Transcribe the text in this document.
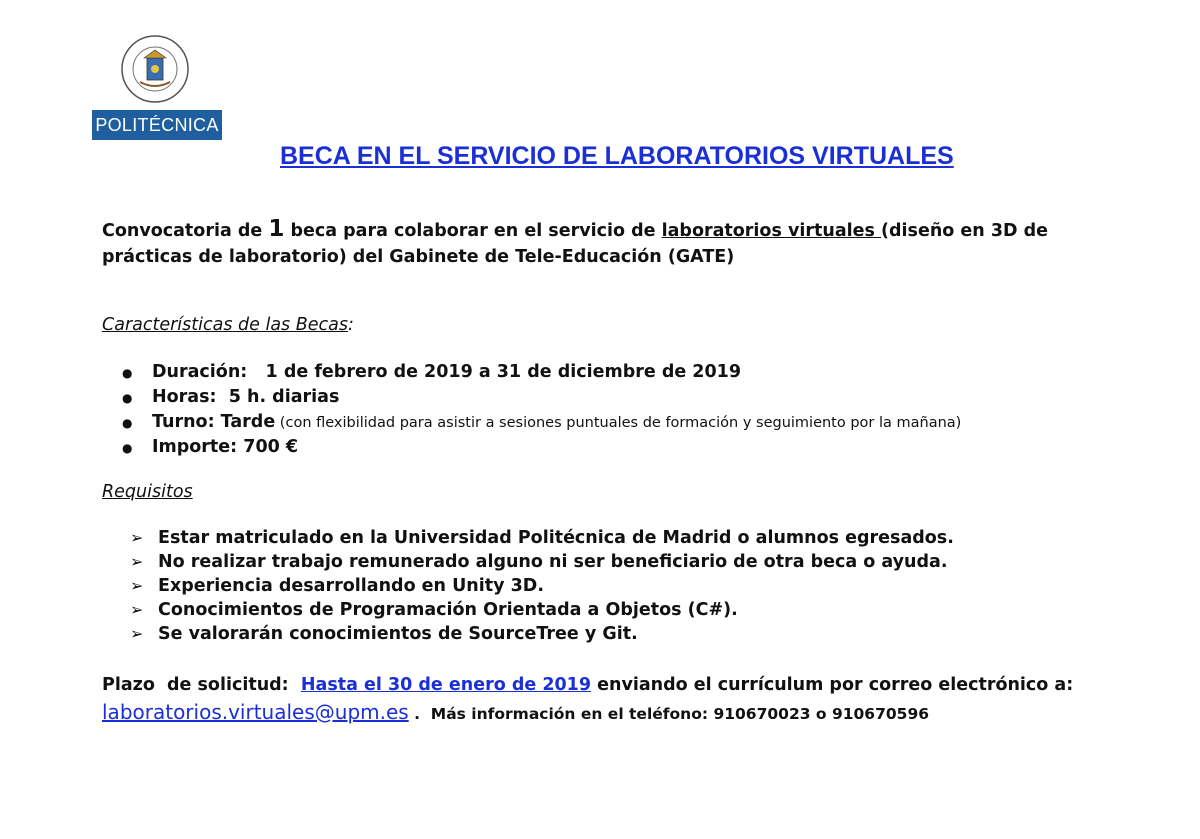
POLITÉCNICA
BECA EN EL SERVICIO DE LABORATORIOS VIRTUALES
Convocatoria de 1 beca para colaborar en el servicio de laboratorios virtuales (diseño en 3D de prácticas de laboratorio) del Gabinete de Tele-Educación (GATE)
Características de las Becas:
●	Duración: 1 de febrero de 2019 a 31 de diciembre de 2019
●	Horas: 5 h. diarias
●	Turno: Tarde (con flexibilidad para asistir a sesiones puntuales de formación y seguimiento por la mañana)
●	Importe: 700 €
Requisitos
➢ Estar matriculado en la Universidad Politécnica de Madrid o alumnos egresados.
➢ No realizar trabajo remunerado alguno ni ser beneficiario de otra beca o ayuda.
➢ Experiencia desarrollando en Unity 3D.
➢ Conocimientos de Programación Orientada a Objetos (C#).
➢ Se valorarán conocimientos de SourceTree y Git.
Plazo  de solicitud:  Hasta el 30 de enero de 2019 enviando el currículum por correo electrónico a:
laboratorios.virtuales@upm.es .  Más información en el teléfono: 910670023 o 910670596
